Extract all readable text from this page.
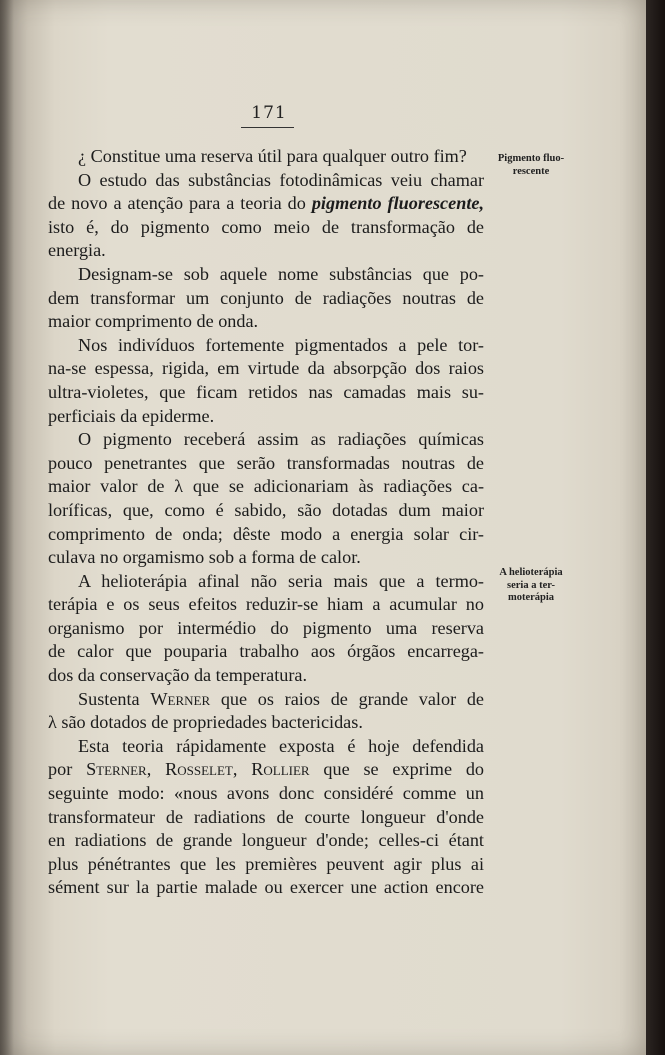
171
¿ Constitue uma reserva útil para qualquer outro fim?
O estudo das substâncias fotodinâmicas veiu chamar
de novo a atenção para a teoria do pigmento fluorescente,
isto é, do pigmento como meio de transformação de
energia.
Designam-se sob aquele nome substâncias que po-
dem transformar um conjunto de radiações noutras de
maior comprimento de onda.
Nos indivíduos fortemente pigmentados a pele tor-
na-se espessa, rigida, em virtude da absorpção dos raios
ultra-violetes, que ficam retidos nas camadas mais su-
perficiais da epiderme.
O pigmento receberá assim as radiações químicas
pouco penetrantes que serão transformadas noutras de
maior valor de λ que se adicionariam às radiações ca-
loríficas, que, como é sabido, são dotadas dum maior
comprimento de onda; dêste modo a energia solar cir-
culava no orgamismo sob a forma de calor.
A helioterápia afinal não seria mais que a termo-
terápia e os seus efeitos reduzir-se hiam a acumular no
organismo por intermédio do pigmento uma reserva
de calor que pouparia trabalho aos órgãos encarrega-
dos da conservação da temperatura.
Sustenta Werner que os raios de grande valor de
λ são dotados de propriedades bactericidas.
Esta teoria rápidamente exposta é hoje defendida
por Sterner, Rosselet, Rollier que se exprime do
seguinte modo: «nous avons donc considéré comme un
transformateur de radiations de courte longueur d'onde
en radiations de grande longueur d'onde; celles-ci étant
plus pénétrantes que les premières peuvent agir plus ai
sément sur la partie malade ou exercer une action encore
Pigmento fluo-
rescente
A helioterápia
seria a ter-
moterápia
